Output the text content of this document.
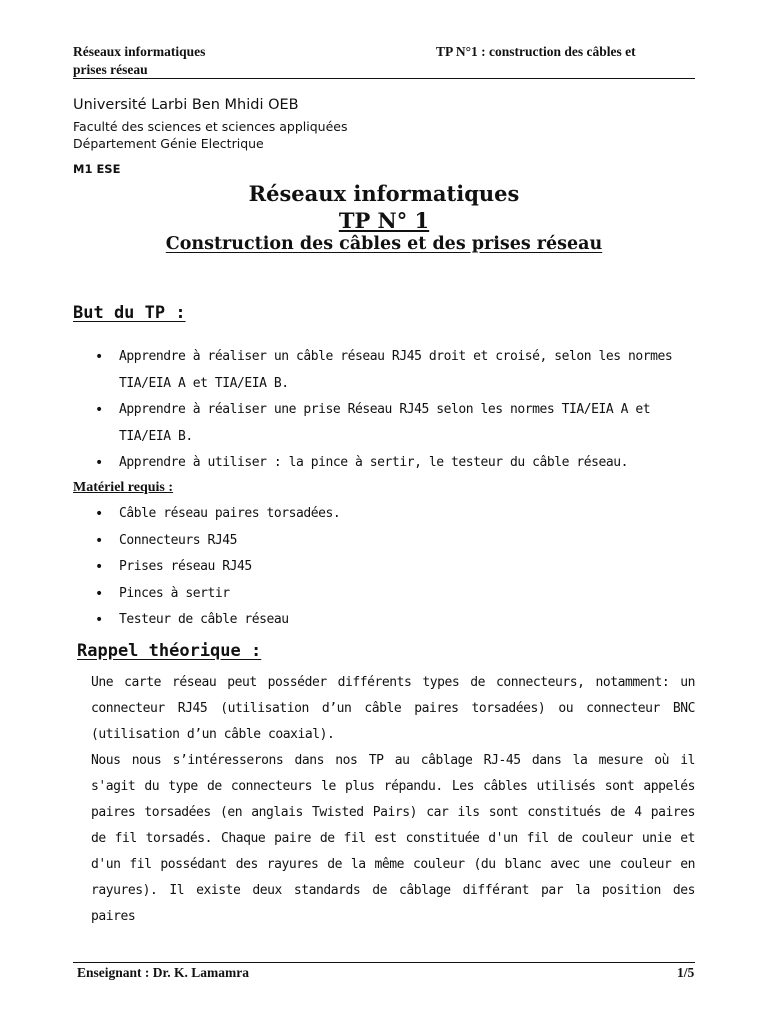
Réseaux informatiques	TP N°1 : construction des câbles et
prises réseau
Université Larbi Ben Mhidi OEB
Faculté des sciences et sciences appliquées
Département Génie Electrique
M1 ESE
Réseaux informatiques
TP N° 1
Construction des câbles et des prises réseau
But du TP :
• Apprendre à réaliser un câble réseau RJ45 droit et croisé, selon les normes TIA/EIA A et TIA/EIA B.
• Apprendre à réaliser une prise Réseau RJ45 selon les normes TIA/EIA A et TIA/EIA B.
• Apprendre à utiliser : la pince à sertir, le testeur du câble réseau.
Matériel requis :
• Câble réseau paires torsadées.
• Connecteurs RJ45
• Prises réseau RJ45
• Pinces à sertir
• Testeur de câble réseau
Rappel théorique :

Une carte réseau peut posséder différents types de connecteurs, notamment: un connecteur RJ45 (utilisation d’un câble paires torsadées) ou connecteur BNC (utilisation d’un câble coaxial).

Nous nous s’intéresserons dans nos TP au câblage RJ-45 dans la mesure où il s'agit du type de connecteurs le plus répandu. Les câbles utilisés sont appelés paires torsadées (en anglais Twisted Pairs) car ils sont constitués de 4 paires de fil torsadés. Chaque paire de fil est constituée d'un fil de couleur unie et d'un fil possédant des rayures de la même couleur (du blanc avec une couleur en rayures). Il existe deux standards de câblage différant par la position des paires

Enseignant : Dr. K. Lamamra	1/5
